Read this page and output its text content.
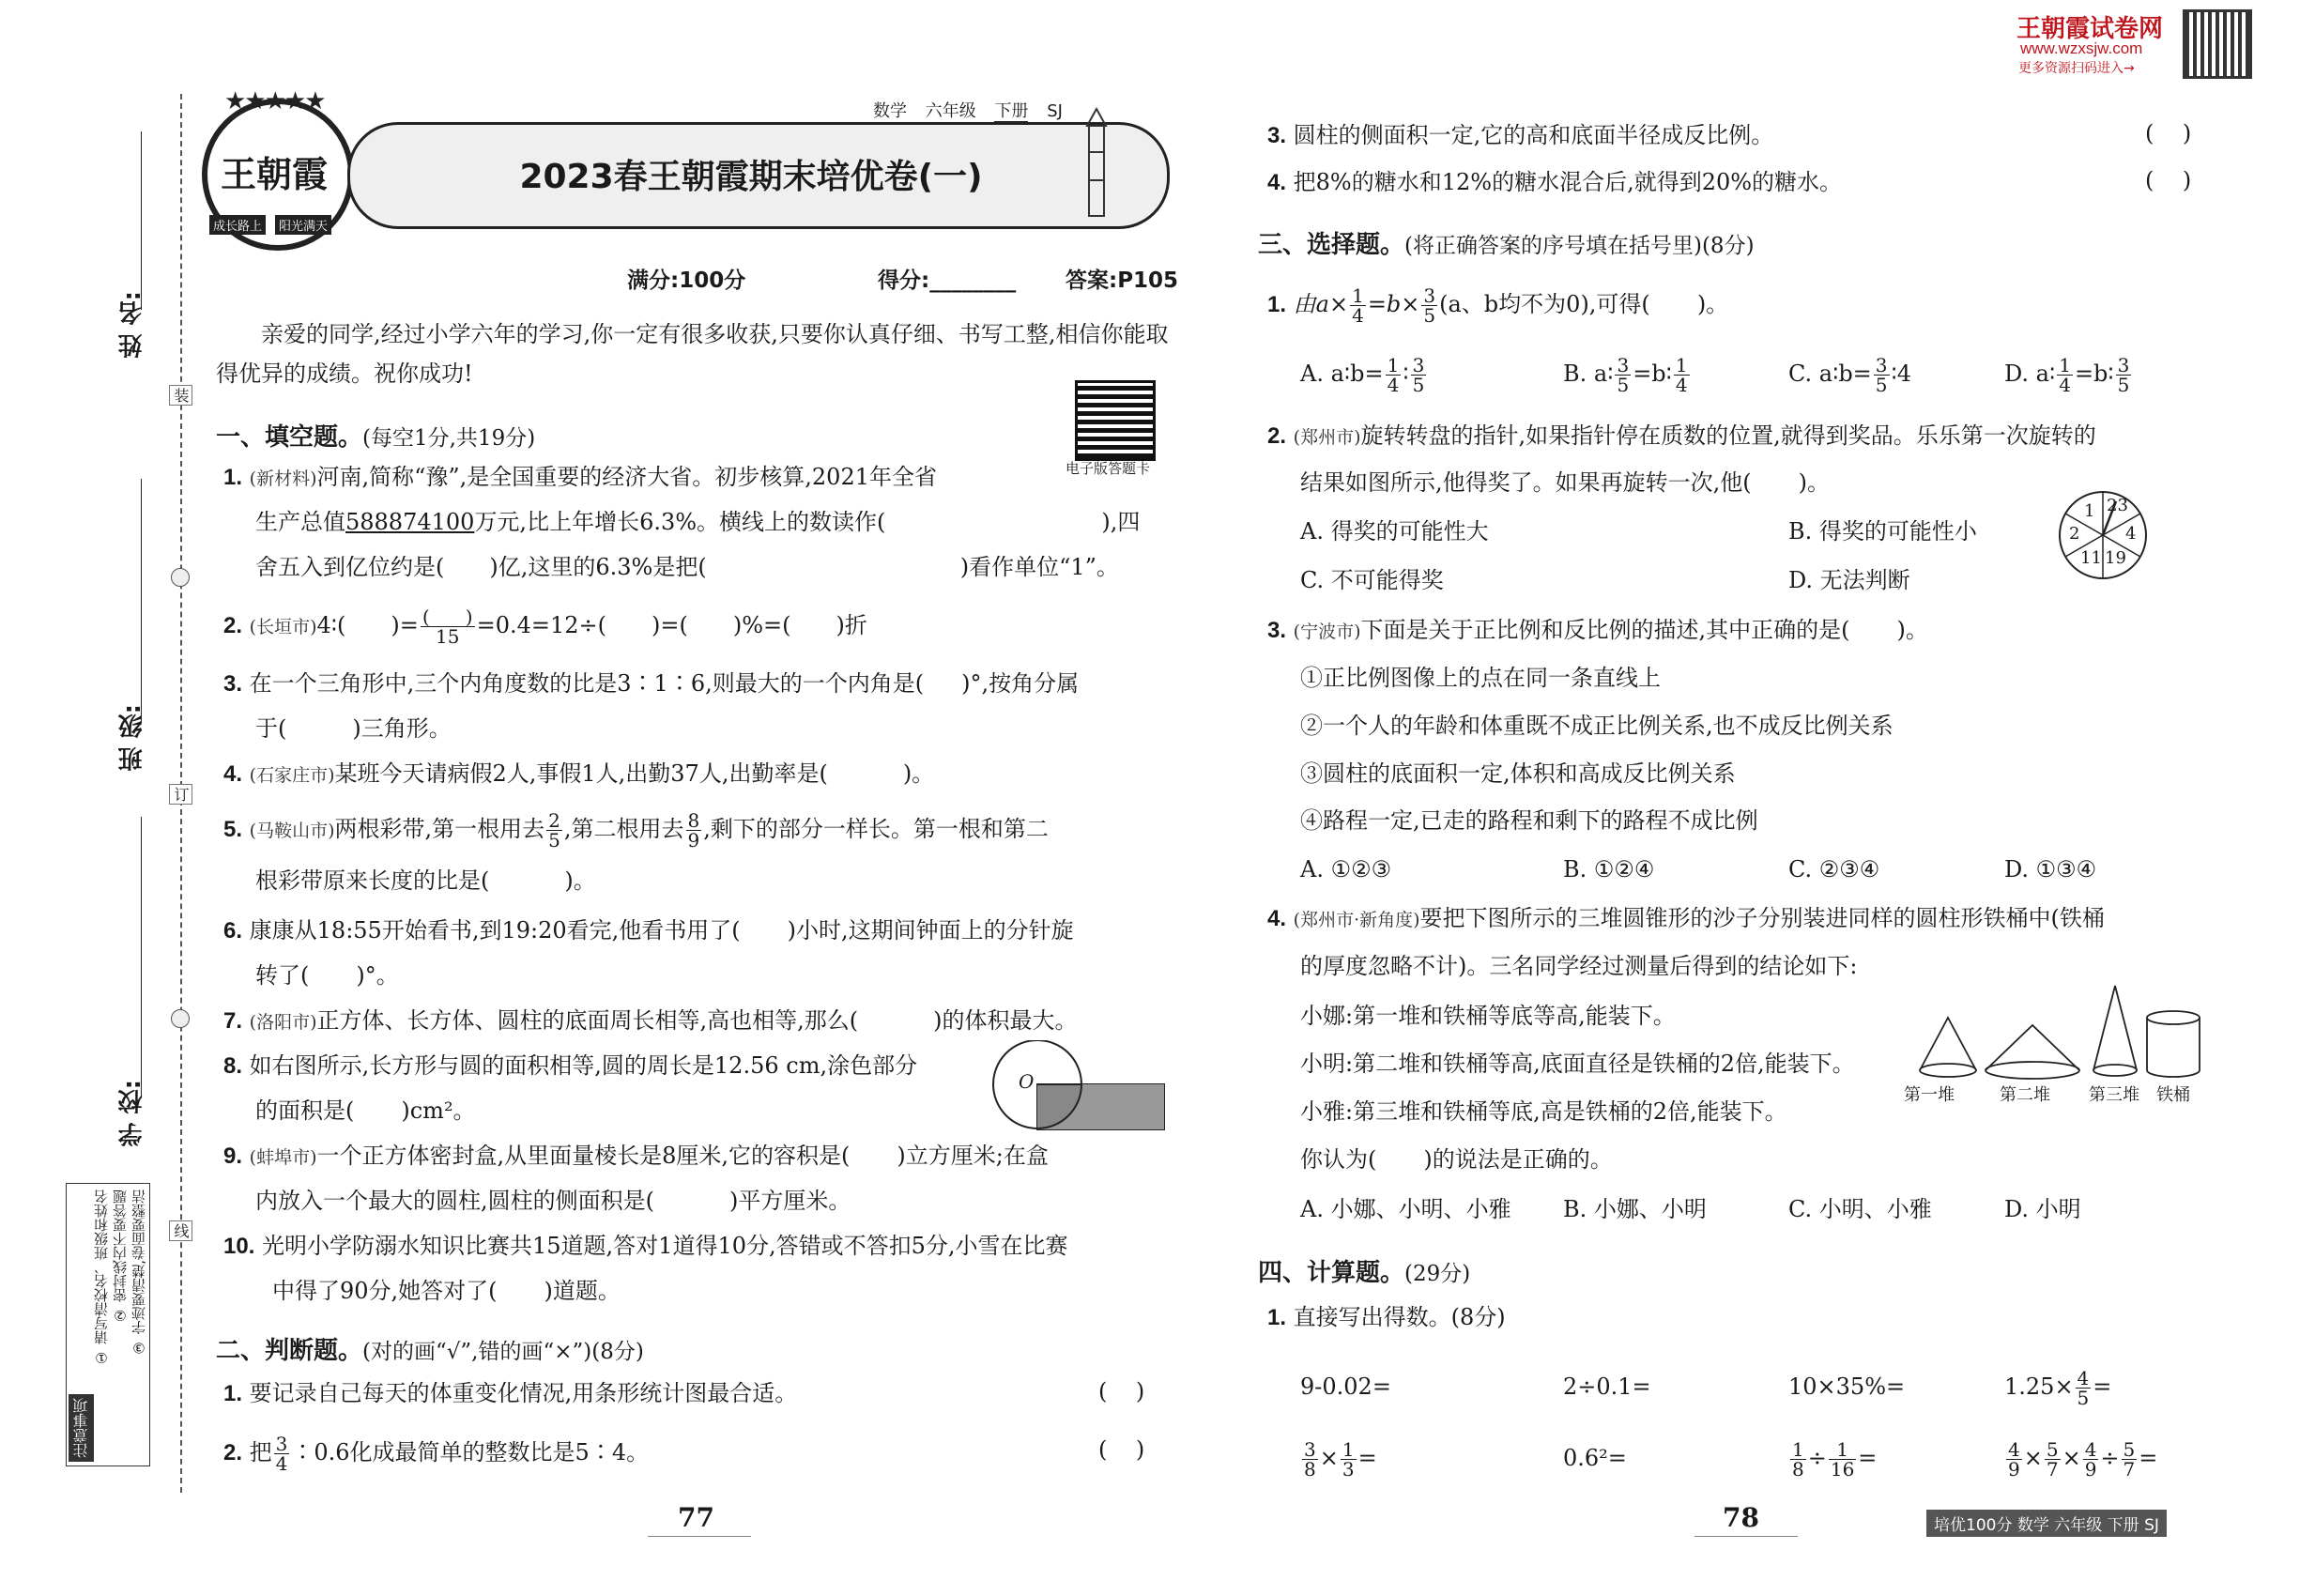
姓 名:
班 级:
学 校:
装
订
线
注意事项
① 请写清校名、班级和姓名 ② 密封线内不要答题 ③ 字迹要清楚,卷面要整洁
★★★★★
王朝霞
成长路上	阳光满天
数学 六年级 下册 SJ
2023春王朝霞期末培优卷(一)
满分:100分	得分:________ 答案:P105
王朝霞试卷网
www.wzxsjw.com
更多资源扫码进入→
电子版答题卡
亲爱的同学,经过小学六年的学习,你一定有很多收获,只要你认真仔细、书写工整,相信你能取得优异的成绩。祝你成功!
一、填空题。(每空1分,共19分)
1. (新材料)河南,简称“豫”,是全国重要的经济大省。初步核算,2021年全省
生产总值588874100万元,比上年增长6.3%。横线上的数读作(	),四
舍五入到亿位约是( )亿,这里的6.3%是把(	)看作单位“1”。
2. (长垣市)4∶( )= $\frac{( )}{15} =0.4=12\div$( )=( )%=( )折
3. 在一个三角形中,三个内角度数的比是3∶1∶6,则最大的一个内角是( )°,按角分属
于(	)三角形。
4. (石家庄市)某班今天请病假2人,事假1人,出勤37人,出勤率是(	)。
5. (马鞍山市)两根彩带,第一根用去 $\frac{2}{5}$ ,第二根用去 $\frac{8}{9}$ ,剩下的部分一样长。第一根和第二
根彩带原来长度的比是(	)。
6. 康康从18:55开始看书,到19:20看完,他看书用了( )小时,这期间钟面上的分针旋
转了( )°。
7. (洛阳市)正方体、长方体、圆柱的底面周长相等,高也相等,那么(	)的体积最大。
8. 如右图所示,长方形与圆的面积相等,圆的周长是12.56 cm,涂色部分
的面积是( )cm²。
O
9. (蚌埠市)一个正方体密封盒,从里面量棱长是8厘米,它的容积是( )立方厘米;在盒
内放入一个最大的圆柱,圆柱的侧面积是(	)平方厘米。
10. 光明小学防溺水知识比赛共15道题,答对1道得10分,答错或不答扣5分,小雪在比赛
中得了90分,她答对了( )道题。
二、判断题。(对的画“√”,错的画“×”)(8分)
1. 要记录自己每天的体重变化情况,用条形统计图最合适。	(    )
2. 把 $\frac{3}{4}$ ∶0.6化成最简单的整数比是5∶4。	(    )
77
3. 圆柱的侧面积一定,它的高和底面半径成反比例。	(    )
4. 把8%的糖水和12%的糖水混合后,就得到20%的糖水。	(    )
三、选择题。(将正确答案的序号填在括号里)(8分)
1. 由$a\times \frac{1}{4} =b\times \frac{3}{5} (a$、b均不为0),可得( )。
A. a∶b= $\frac{1}{4}$ ∶ $\frac{3}{5}$	B. a∶ $\frac{3}{5}$ =b∶ $\frac{1}{4}$	C. a∶b= $\frac{3}{5}$ ∶4	D. a∶ $\frac{1}{4}$ =b∶ $\frac{3}{5}$
2. (郑州市)旋转转盘的指针,如果指针停在质数的位置,就得到奖品。乐乐第一次旋转的
结果如图所示,他得奖了。如果再旋转一次,他( )。
A. 得奖的可能性大	B. 得奖的可能性小
C. 不可能得奖	D. 无法判断
1 23
4
19
11
2
3. (宁波市)下面是关于正比例和反比例的描述,其中正确的是( )。
①正比例图像上的点在同一条直线上
②一个人的年龄和体重既不成正比例关系,也不成反比例关系
③圆柱的底面积一定,体积和高成反比例关系
④路程一定,已走的路程和剩下的路程不成比例
A. ①②③	B. ①②④	C. ②③④	D. ①③④
4. (郑州市·新角度)要把下图所示的三堆圆锥形的沙子分别装进同样的圆柱形铁桶中(铁桶
的厚度忽略不计)。三名同学经过测量后得到的结论如下:
小娜:第一堆和铁桶等底等高,能装下。
小明:第二堆和铁桶等高,底面直径是铁桶的2倍,能装下。
小雅:第三堆和铁桶等底,高是铁桶的2倍,能装下。
你认为( )的说法是正确的。
A. 小娜、小明、小雅 B. 小娜、小明	C. 小明、小雅	D. 小明
第一堆	第二堆 第三堆 铁桶
四、计算题。(29分)
1. 直接写出得数。(8分)
9-0.02=	2÷0.1=	10×35%=	$1.25\times \frac{4}{5}$ =
$\frac{3}{8} \times \frac{1}{3}$ =	0.6²=	$\frac{1}{8} \div \frac{1}{16}$ =	$\frac{4}{9} \times \frac{5}{7} \times \frac{4}{9} \div \frac{5}{7}$ =
78	培优100分 数学 六年级 下册 SJ
